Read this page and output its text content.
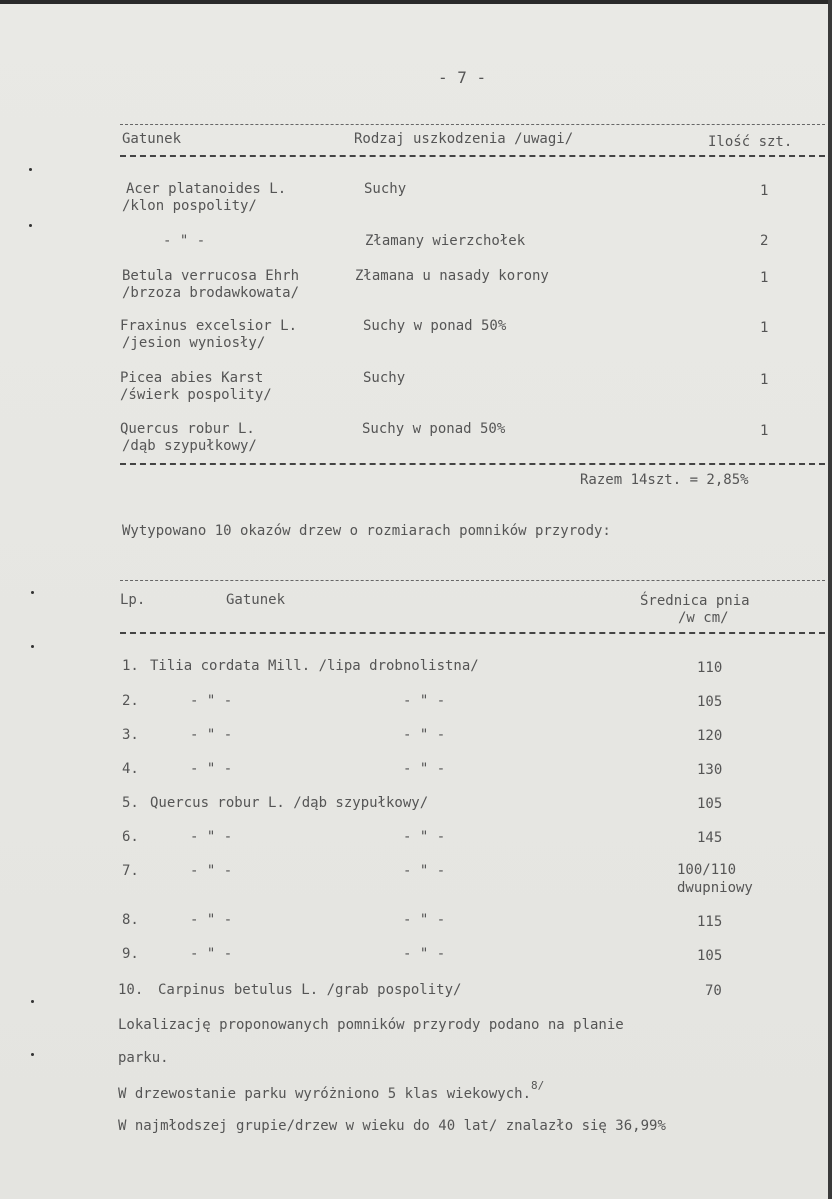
- 7 -
Gatunek	Rodzaj uszkodzenia /uwagi/	Ilość szt.
Acer platanoides L.
/klon pospolity/
Suchy	1
- " -	Złamany wierzchołek	2
Betula verrucosa Ehrh
/brzoza brodawkowata/
Złamana u nasady korony	1
Fraxinus excelsior L.
/jesion wyniosły/
Suchy w ponad 50%	1
Picea abies Karst
/świerk pospolity/
Suchy	1
Quercus robur L.
/dąb szypułkowy/
Suchy w ponad 50%	1
Razem 14szt. = 2,85%
Wytypowano 10 okazów drzew o rozmiarach pomników przyrody:
Lp.	Gatunek	Średnica pnia
/w cm/
1. Tilia cordata Mill. /lipa drobnolistna/	110
2.	- " -	- " -	105
3.	- " -	- " -	120
4.	- " -	- " -	130
5. Quercus robur L. /dąb szypułkowy/	105
6.	- " -	- " -	145
7.	- " -	- " -	100/110
dwupniowy
8.	- " -	- " -	115
9.	- " -	- " -	105
10. Carpinus betulus L. /grab pospolity/	70
Lokalizację proponowanych pomników przyrody podano na planie
parku.
W drzewostanie parku wyróżniono 5 klas wiekowych.$^{8/}$
W najmłodszej grupie/drzew w wieku do 40 lat/ znalazło się 36,99%
